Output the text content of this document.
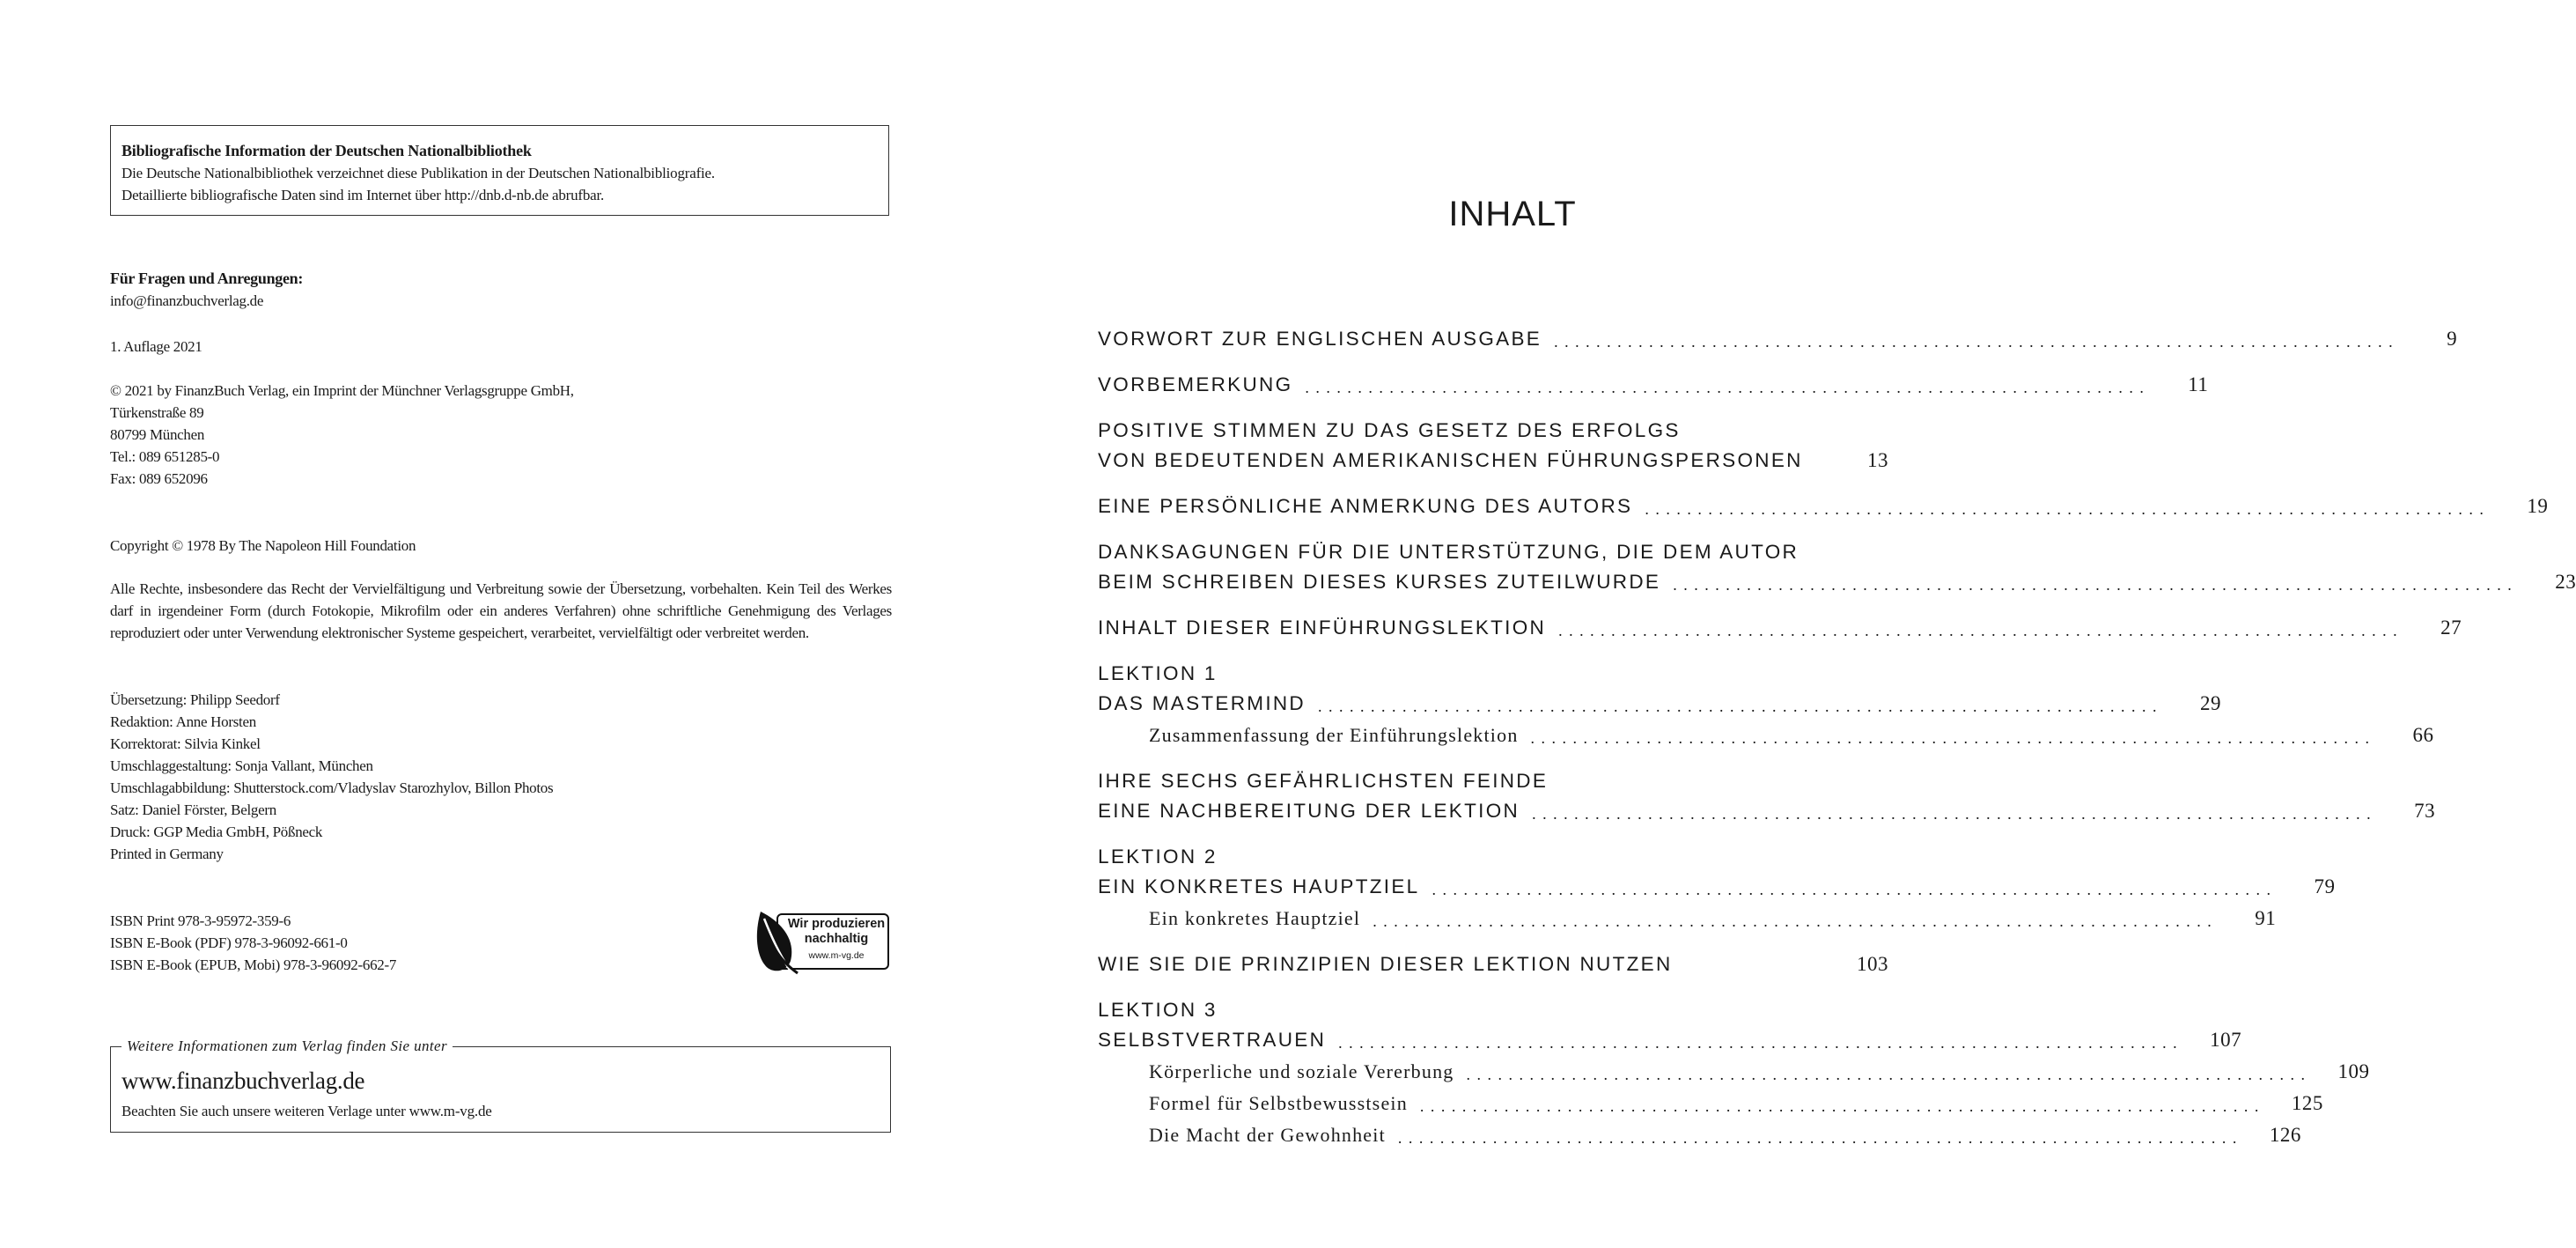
Bibliografische Information der Deutschen Nationalbibliothek
Die Deutsche Nationalbibliothek verzeichnet diese Publikation in der Deutschen Nationalbibliografie.
Detaillierte bibliografische Daten sind im Internet über http://dnb.d-nb.de abrufbar.
Für Fragen und Anregungen:
info@finanzbuchverlag.de
1. Auflage 2021
© 2021 by FinanzBuch Verlag, ein Imprint der Münchner Verlagsgruppe GmbH,
Türkenstraße 89
80799 München
Tel.: 089 651285-0
Fax: 089 652096
Copyright © 1978 By The Napoleon Hill Foundation
Alle Rechte, insbesondere das Recht der Vervielfältigung und Verbreitung sowie der Übersetzung, vorbehalten. Kein Teil des Werkes darf in irgendeiner Form (durch Fotokopie, Mikrofilm oder ein anderes Verfahren) ohne schriftliche Genehmigung des Verlages reproduziert oder unter Verwendung elektronischer Systeme gespeichert, verarbeitet, vervielfältigt oder verbreitet werden.
Übersetzung: Philipp Seedorf
Redaktion: Anne Horsten
Korrektorat: Silvia Kinkel
Umschlaggestaltung: Sonja Vallant, München
Umschlagabbildung: Shutterstock.com/Vladyslav Starozhylov, Billon Photos
Satz: Daniel Förster, Belgern
Druck: GGP Media GmbH, Pößneck
Printed in Germany
ISBN Print 978-3-95972-359-6
ISBN E-Book (PDF) 978-3-96092-661-0
ISBN E-Book (EPUB, Mobi) 978-3-96092-662-7
Wir produzieren
nachhaltig
www.m-vg.de
Weitere Informationen zum Verlag finden Sie unter
www.finanzbuchverlag.de
Beachten Sie auch unsere weiteren Verlage unter www.m-vg.de
INHALT
VORWORT ZUR ENGLISCHEN AUSGABE ................................................................................	9
VORBEMERKUNG ................................................................................	11
POSITIVE STIMMEN ZU DAS GESETZ DES ERFOLGS
VON BEDEUTENDEN AMERIKANISCHEN FÜHRUNGSPERSONEN	13
EINE PERSÖNLICHE ANMERKUNG DES AUTORS ................................................................................	19
DANKSAGUNGEN FÜR DIE UNTERSTÜTZUNG, DIE DEM AUTOR
BEIM SCHREIBEN DIESES KURSES ZUTEILWURDE ................................................................................	23
INHALT DIESER EINFÜHRUNGSLEKTION ................................................................................	27
LEKTION 1
DAS MASTERMIND ................................................................................	29
Zusammenfassung der Einführungslektion ................................................................................	66
IHRE SECHS GEFÄHRLICHSTEN FEINDE
EINE NACHBEREITUNG DER LEKTION ................................................................................	73
LEKTION 2
EIN KONKRETES HAUPTZIEL ................................................................................	79
Ein konkretes Hauptziel ................................................................................	91
WIE SIE DIE PRINZIPIEN DIESER LEKTION NUTZEN	103
LEKTION 3
SELBSTVERTRAUEN ................................................................................	107
Körperliche und soziale Vererbung ................................................................................	109
Formel für Selbstbewusstsein ................................................................................	125
Die Macht der Gewohnheit ................................................................................	126
